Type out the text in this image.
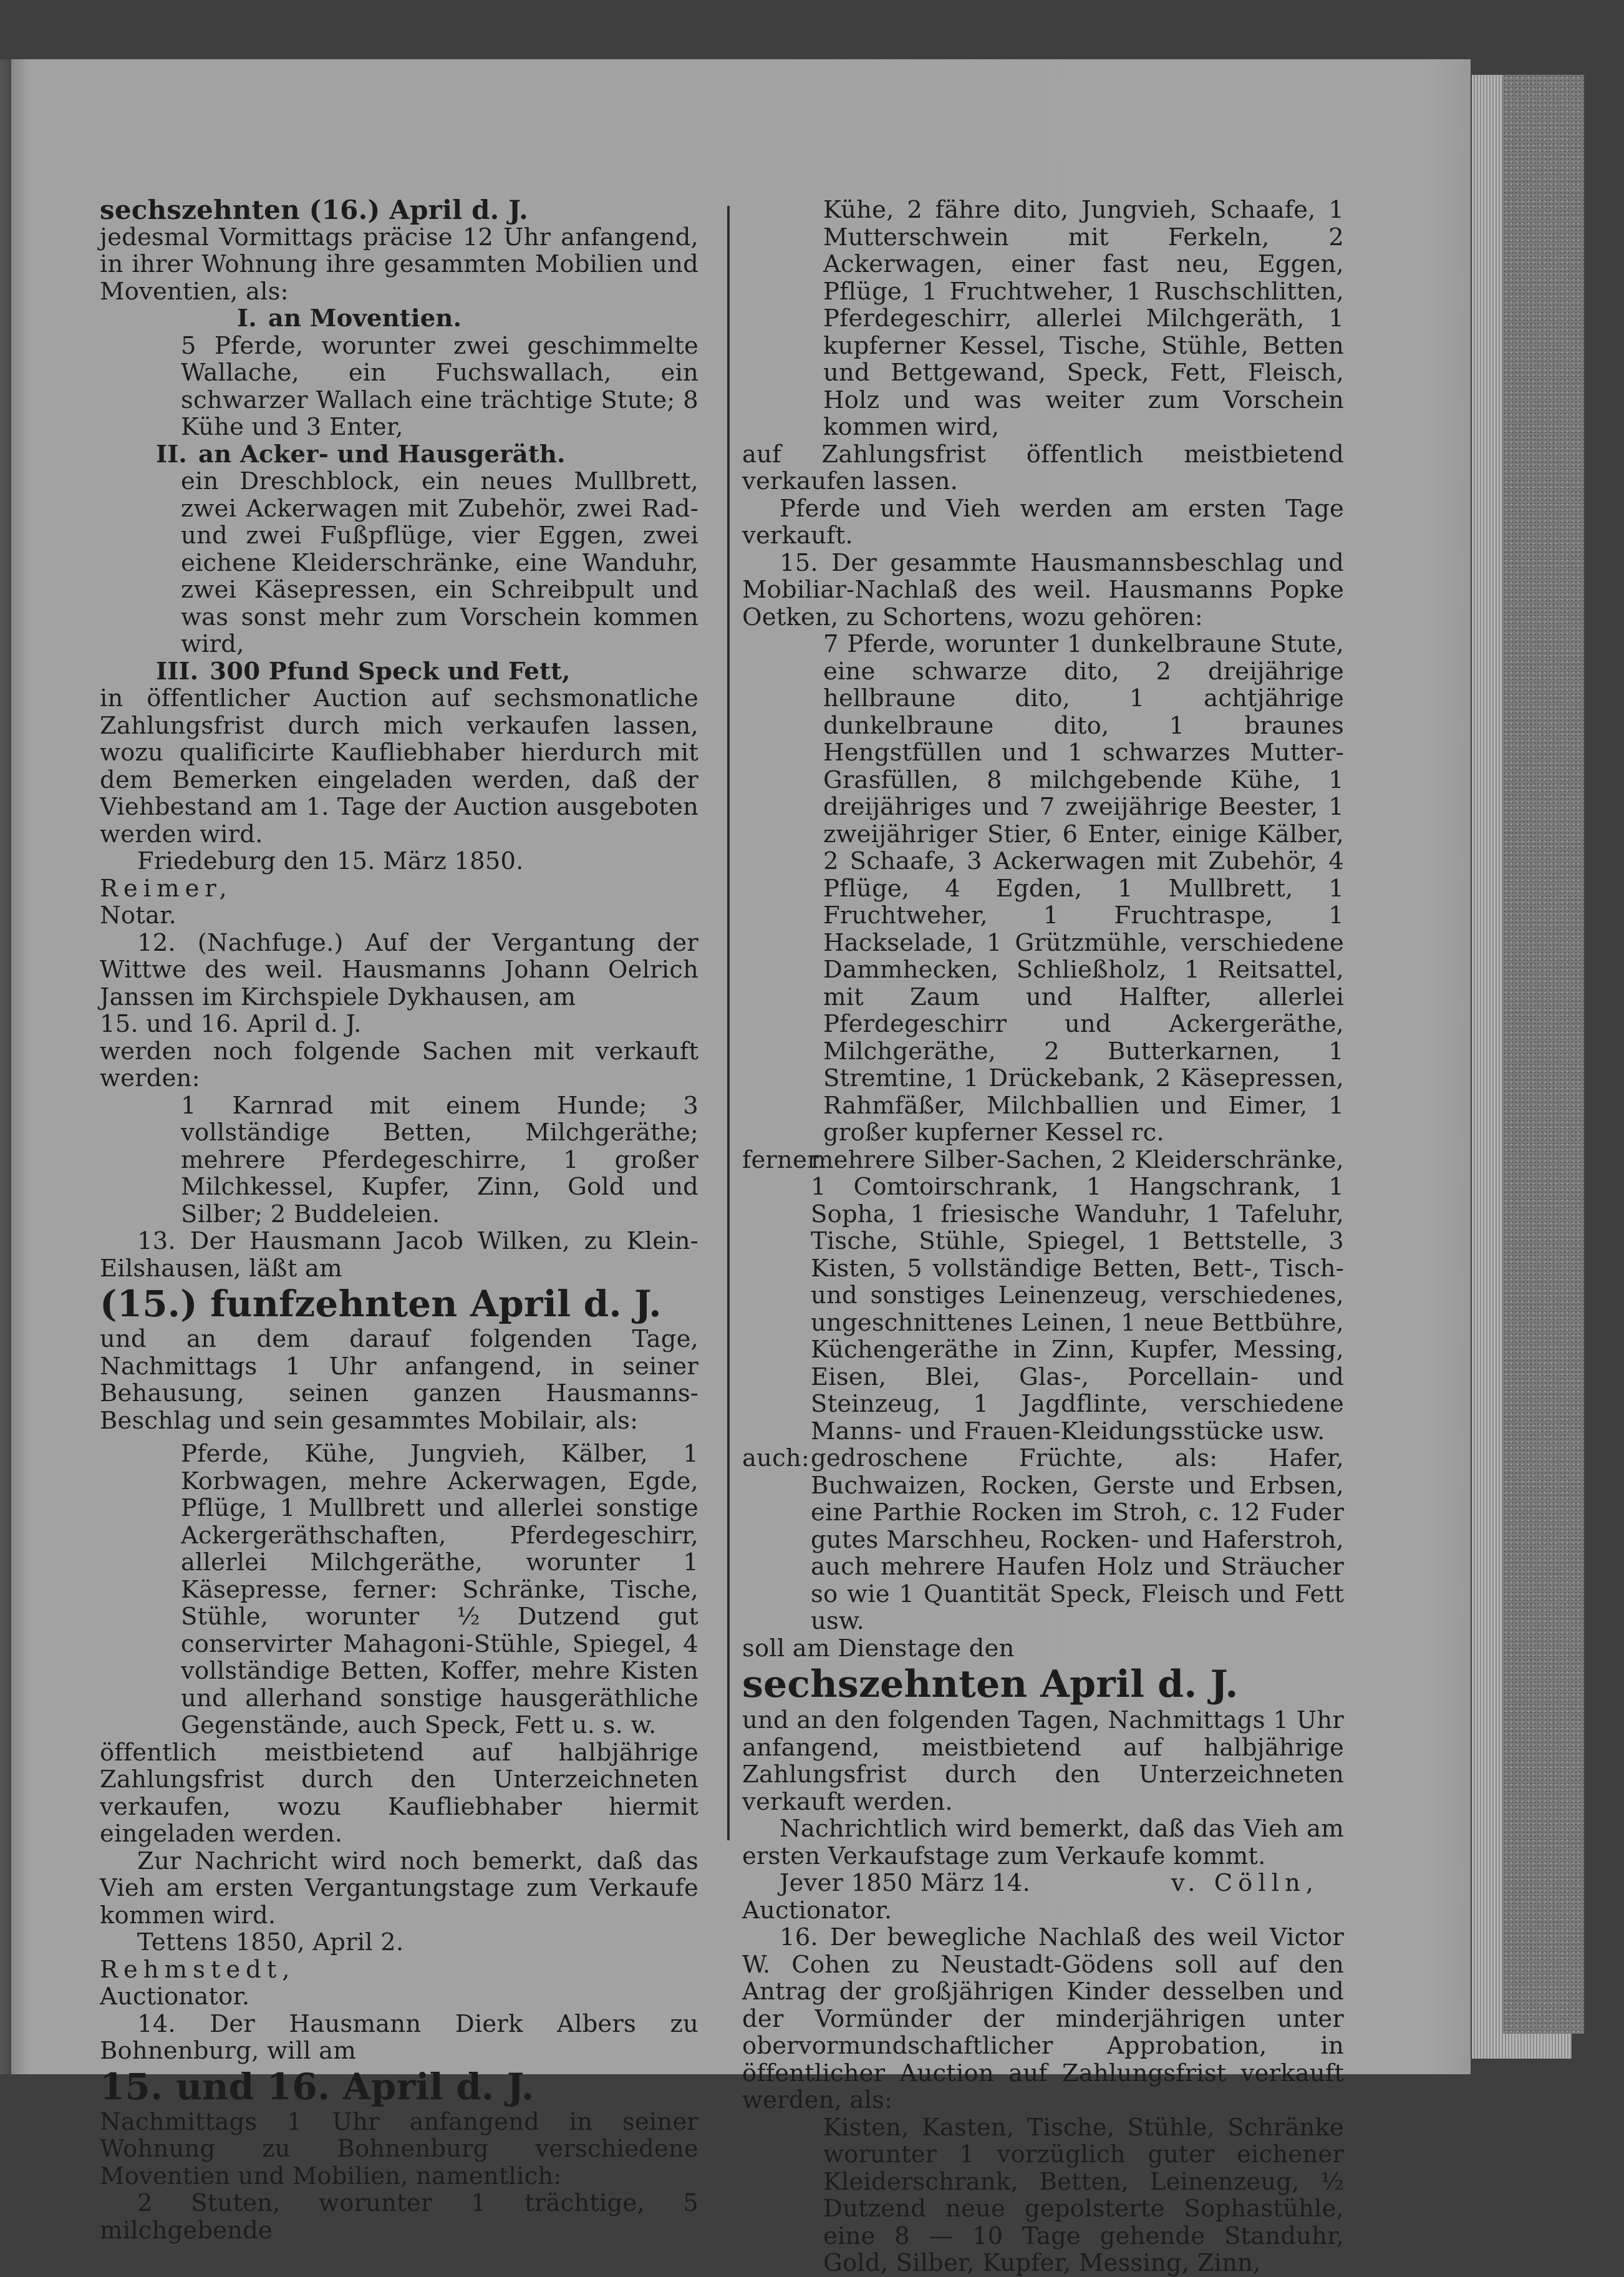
sechszehnten (16.) April d. J.

jedesmal Vormittags präcise 12 Uhr anfangend, in ihrer Wohnung ihre gesammten Mobilien und Moventien, als:

I. an Moventien.

5 Pferde, worunter zwei geschimmelte Wallache, ein Fuchswallach, ein schwarzer Wallach eine trächtige Stute; 8 Kühe und 3 Enter,

II. an Acker- und Hausgeräth.

ein Dreschblock, ein neues Mullbrett, zwei Ackerwagen mit Zubehör, zwei Rad- und zwei Fußpflüge, vier Eggen, zwei eichene Kleiderschränke, eine Wanduhr, zwei Käsepressen, ein Schreibpult und was sonst mehr zum Vorschein kommen wird,

III. 300 Pfund Speck und Fett,

in öffentlicher Auction auf sechsmonatliche Zahlungsfrist durch mich verkaufen lassen, wozu qualificirte Kaufliebhaber hierdurch mit dem Bemerken eingeladen werden, daß der Viehbestand am 1. Tage der Auction ausgeboten werden wird.

Friedeburg den 15. März 1850.

Reimer,

Notar.

12. (Nachfuge.) Auf der Vergantung der Wittwe des weil. Hausmanns Johann Oelrich Janssen im Kirchspiele Dykhausen, am

15. und 16. April d. J.

werden noch folgende Sachen mit verkauft werden:

1 Karnrad mit einem Hunde; 3 vollständige Betten, Milchgeräthe; mehrere Pferdegeschirre, 1 großer Milchkessel, Kupfer, Zinn, Gold und Silber; 2 Buddeleien.

13. Der Hausmann Jacob Wilken, zu Klein-Eilshausen, läßt am

(15.) funfzehnten April d. J.

und an dem darauf folgenden Tage, Nachmittags 1 Uhr anfangend, in seiner Behausung, seinen ganzen Hausmanns-Beschlag und sein gesammtes Mobilair, als:

Pferde, Kühe, Jungvieh, Kälber, 1 Korbwagen, mehre Ackerwagen, Egde, Pflüge, 1 Mullbrett und allerlei sonstige Ackergeräthschaften, Pferdegeschirr, allerlei Milchgeräthe, worunter 1 Käsepresse, ferner: Schränke, Tische, Stühle, worunter ½ Dutzend gut conservirter Mahagoni-Stühle, Spiegel, 4 vollständige Betten, Koffer, mehre Kisten und allerhand sonstige hausgeräthliche Gegenstände, auch Speck, Fett u. s. w.

öffentlich meistbietend auf halbjährige Zahlungsfrist durch den Unterzeichneten verkaufen, wozu Kaufliebhaber hiermit eingeladen werden.

Zur Nachricht wird noch bemerkt, daß das Vieh am ersten Vergantungstage zum Verkaufe kommen wird.

Tettens 1850, April 2.

Rehmstedt,

Auctionator.

14. Der Hausmann Dierk Albers zu Bohnenburg, will am

15. und 16. April d. J.

Nachmittags 1 Uhr anfangend in seiner Wohnung zu Bohnenburg verschiedene Moventien und Mobilien, namentlich:

2 Stuten, worunter 1 trächtige, 5 milchgebende

Kühe, 2 fähre dito, Jungvieh, Schaafe, 1 Mutterschwein mit Ferkeln, 2 Ackerwagen, einer fast neu, Eggen, Pflüge, 1 Fruchtweher, 1 Ruschschlitten, Pferdegeschirr, allerlei Milchgeräth, 1 kupferner Kessel, Tische, Stühle, Betten und Bettgewand, Speck, Fett, Fleisch, Holz und was weiter zum Vorschein kommen wird,

auf Zahlungsfrist öffentlich meistbietend verkaufen lassen.

Pferde und Vieh werden am ersten Tage verkauft.

15. Der gesammte Hausmannsbeschlag und Mobiliar-Nachlaß des weil. Hausmanns Popke Oetken, zu Schortens, wozu gehören:

7 Pferde, worunter 1 dunkelbraune Stute, eine schwarze dito, 2 dreijährige hellbraune dito, 1 achtjährige dunkelbraune dito, 1 braunes Hengstfüllen und 1 schwarzes Mutter-Grasfüllen, 8 milchgebende Kühe, 1 dreijähriges und 7 zweijährige Beester, 1 zweijähriger Stier, 6 Enter, einige Kälber, 2 Schaafe, 3 Ackerwagen mit Zubehör, 4 Pflüge, 4 Egden, 1 Mullbrett, 1 Fruchtweher, 1 Fruchtraspe, 1 Hackselade, 1 Grützmühle, verschiedene Dammhecken, Schließholz, 1 Reitsattel, mit Zaum und Halfter, allerlei Pferdegeschirr und Ackergeräthe, Milchgeräthe, 2 Butterkarnen, 1 Stremtine, 1 Drückebank, 2 Käsepressen, Rahmfäßer, Milchballien und Eimer, 1 großer kupferner Kessel rc.

ferner:
mehrere Silber-Sachen, 2 Kleiderschränke, 1 Comtoirschrank, 1 Hangschrank, 1 Sopha, 1 friesische Wanduhr, 1 Tafeluhr, Tische, Stühle, Spiegel, 1 Bettstelle, 3 Kisten, 5 vollständige Betten, Bett-, Tisch- und sonstiges Leinenzeug, verschiedenes, ungeschnittenes Leinen, 1 neue Bettbühre, Küchengeräthe in Zinn, Kupfer, Messing, Eisen, Blei, Glas-, Porcellain- und Steinzeug, 1 Jagdflinte, verschiedene Manns- und Frauen-Kleidungsstücke usw.
auch: gedroschene Früchte, als: Hafer, Buchwaizen, Rocken, Gerste und Erbsen, eine Parthie Rocken im Stroh, c. 12 Fuder gutes Marschheu, Rocken- und Haferstroh, auch mehrere Haufen Holz und Sträucher so wie 1 Quantität Speck, Fleisch und Fett usw.

soll am Dienstage den

sechszehnten April d. J.

und an den folgenden Tagen, Nachmittags 1 Uhr anfangend, meistbietend auf halbjährige Zahlungsfrist durch den Unterzeichneten verkauft werden.

Nachrichtlich wird bemerkt, daß das Vieh am ersten Verkaufstage zum Verkaufe kommt.

Jever 1850 März 14.	v. Cölln,

Auctionator.

16. Der bewegliche Nachlaß des weil Victor W. Cohen zu Neustadt-Gödens soll auf den Antrag der großjährigen Kinder desselben und der Vormünder der minderjährigen unter obervormundschaftlicher Approbation, in öffentlicher Auction auf Zahlungsfrist verkauft werden, als:

Kisten, Kasten, Tische, Stühle, Schränke worunter 1 vorzüglich guter eichener Kleiderschrank, Betten, Leinenzeug, ½ Dutzend neue gepolsterte Sophastühle, eine 8 — 10 Tage gehende Standuhr, Gold, Silber, Kupfer, Messing, Zinn,
